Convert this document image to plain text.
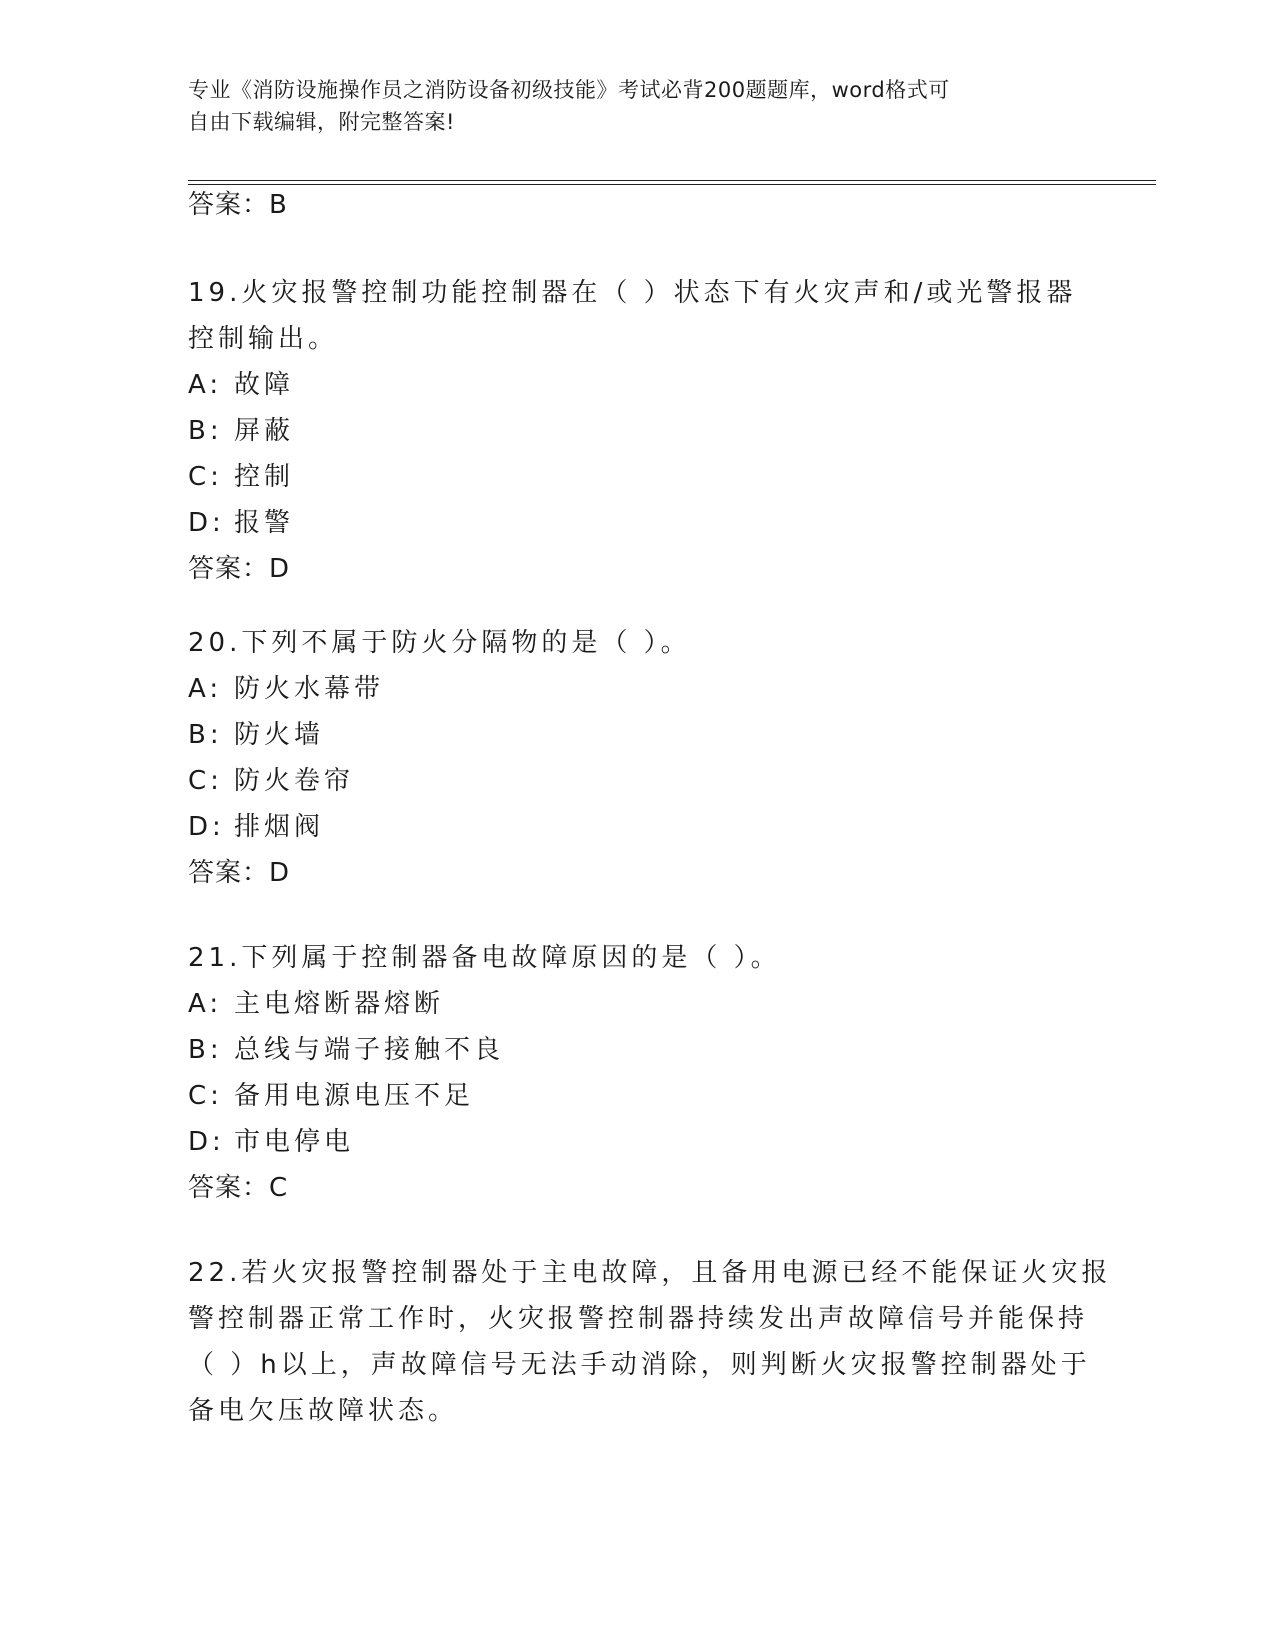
专业《消防设施操作员之消防设备初级技能》考试必背200题题库，word格式可
自由下载编辑，附完整答案!
答案：B
19.火灾报警控制功能控制器在（ ）状态下有火灾声和/或光警报器
控制输出。
A: 故障
B: 屏蔽
C: 控制
D: 报警
答案：D
20.下列不属于防火分隔物的是（ ）。
A: 防火水幕带
B: 防火墙
C: 防火卷帘
D: 排烟阀
答案：D
21.下列属于控制器备电故障原因的是（ ）。
A: 主电熔断器熔断
B: 总线与端子接触不良
C: 备用电源电压不足
D: 市电停电
答案：C
22.若火灾报警控制器处于主电故障，且备用电源已经不能保证火灾报
警控制器正常工作时，火灾报警控制器持续发出声故障信号并能保持
（ ）h以上，声故障信号无法手动消除，则判断火灾报警控制器处于
备电欠压故障状态。
